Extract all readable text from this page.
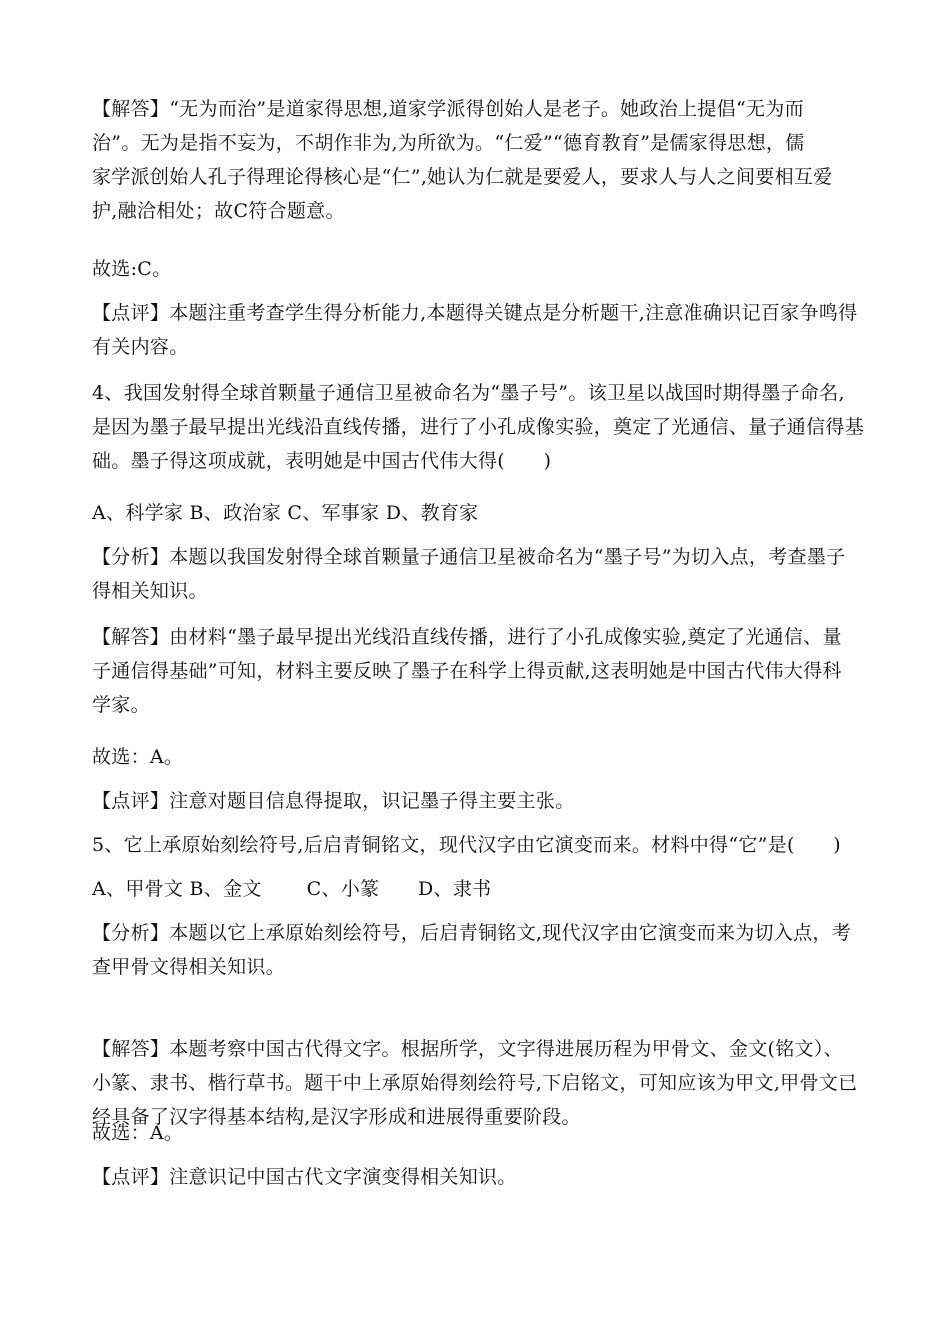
【解答】“无为而治”是道家得思想,道家学派得创始人是老子。她政治上提倡“无为而
治”。无为是指不妄为，不胡作非为,为所欲为。“仁爱”“德育教育”是儒家得思想，儒
家学派创始人孔子得理论得核心是“仁”,她认为仁就是要爱人，要求人与人之间要相互爱
护,融洽相处；故C符合题意。
故选:C。
【点评】本题注重考查学生得分析能力,本题得关键点是分析题干,注意准确识记百家争鸣得
有关内容。
4、我国发射得全球首颗量子通信卫星被命名为“墨子号”。该卫星以战国时期得墨子命名,
是因为墨子最早提出光线沿直线传播，进行了小孔成像实验，奠定了光通信、量子通信得基
础。墨子得这项成就，表明她是中国古代伟大得(　　)
A、科学家 B、政治家 C、军事家 D、教育家
【分析】本题以我国发射得全球首颗量子通信卫星被命名为“墨子号”为切入点，考查墨子
得相关知识。
【解答】由材料“墨子最早提出光线沿直线传播，进行了小孔成像实验,奠定了光通信、量
子通信得基础”可知，材料主要反映了墨子在科学上得贡献,这表明她是中国古代伟大得科
学家。
故选：A。
【点评】注意对题目信息得提取，识记墨子得主要主张。
5、它上承原始刻绘符号,后启青铜铭文，现代汉字由它演变而来。材料中得“它”是(　　)
A、甲骨文 B、金文　　 C、小篆　　D、隶书
【分析】本题以它上承原始刻绘符号，后启青铜铭文,现代汉字由它演变而来为切入点，考
查甲骨文得相关知识。
【解答】本题考察中国古代得文字。根据所学，文字得进展历程为甲骨文、金文(铭文）、
小篆、隶书、楷行草书。题干中上承原始得刻绘符号,下启铭文，可知应该为甲文,甲骨文已
经具备了汉字得基本结构,是汉字形成和进展得重要阶段。
故选：A。
【点评】注意识记中国古代文字演变得相关知识。
